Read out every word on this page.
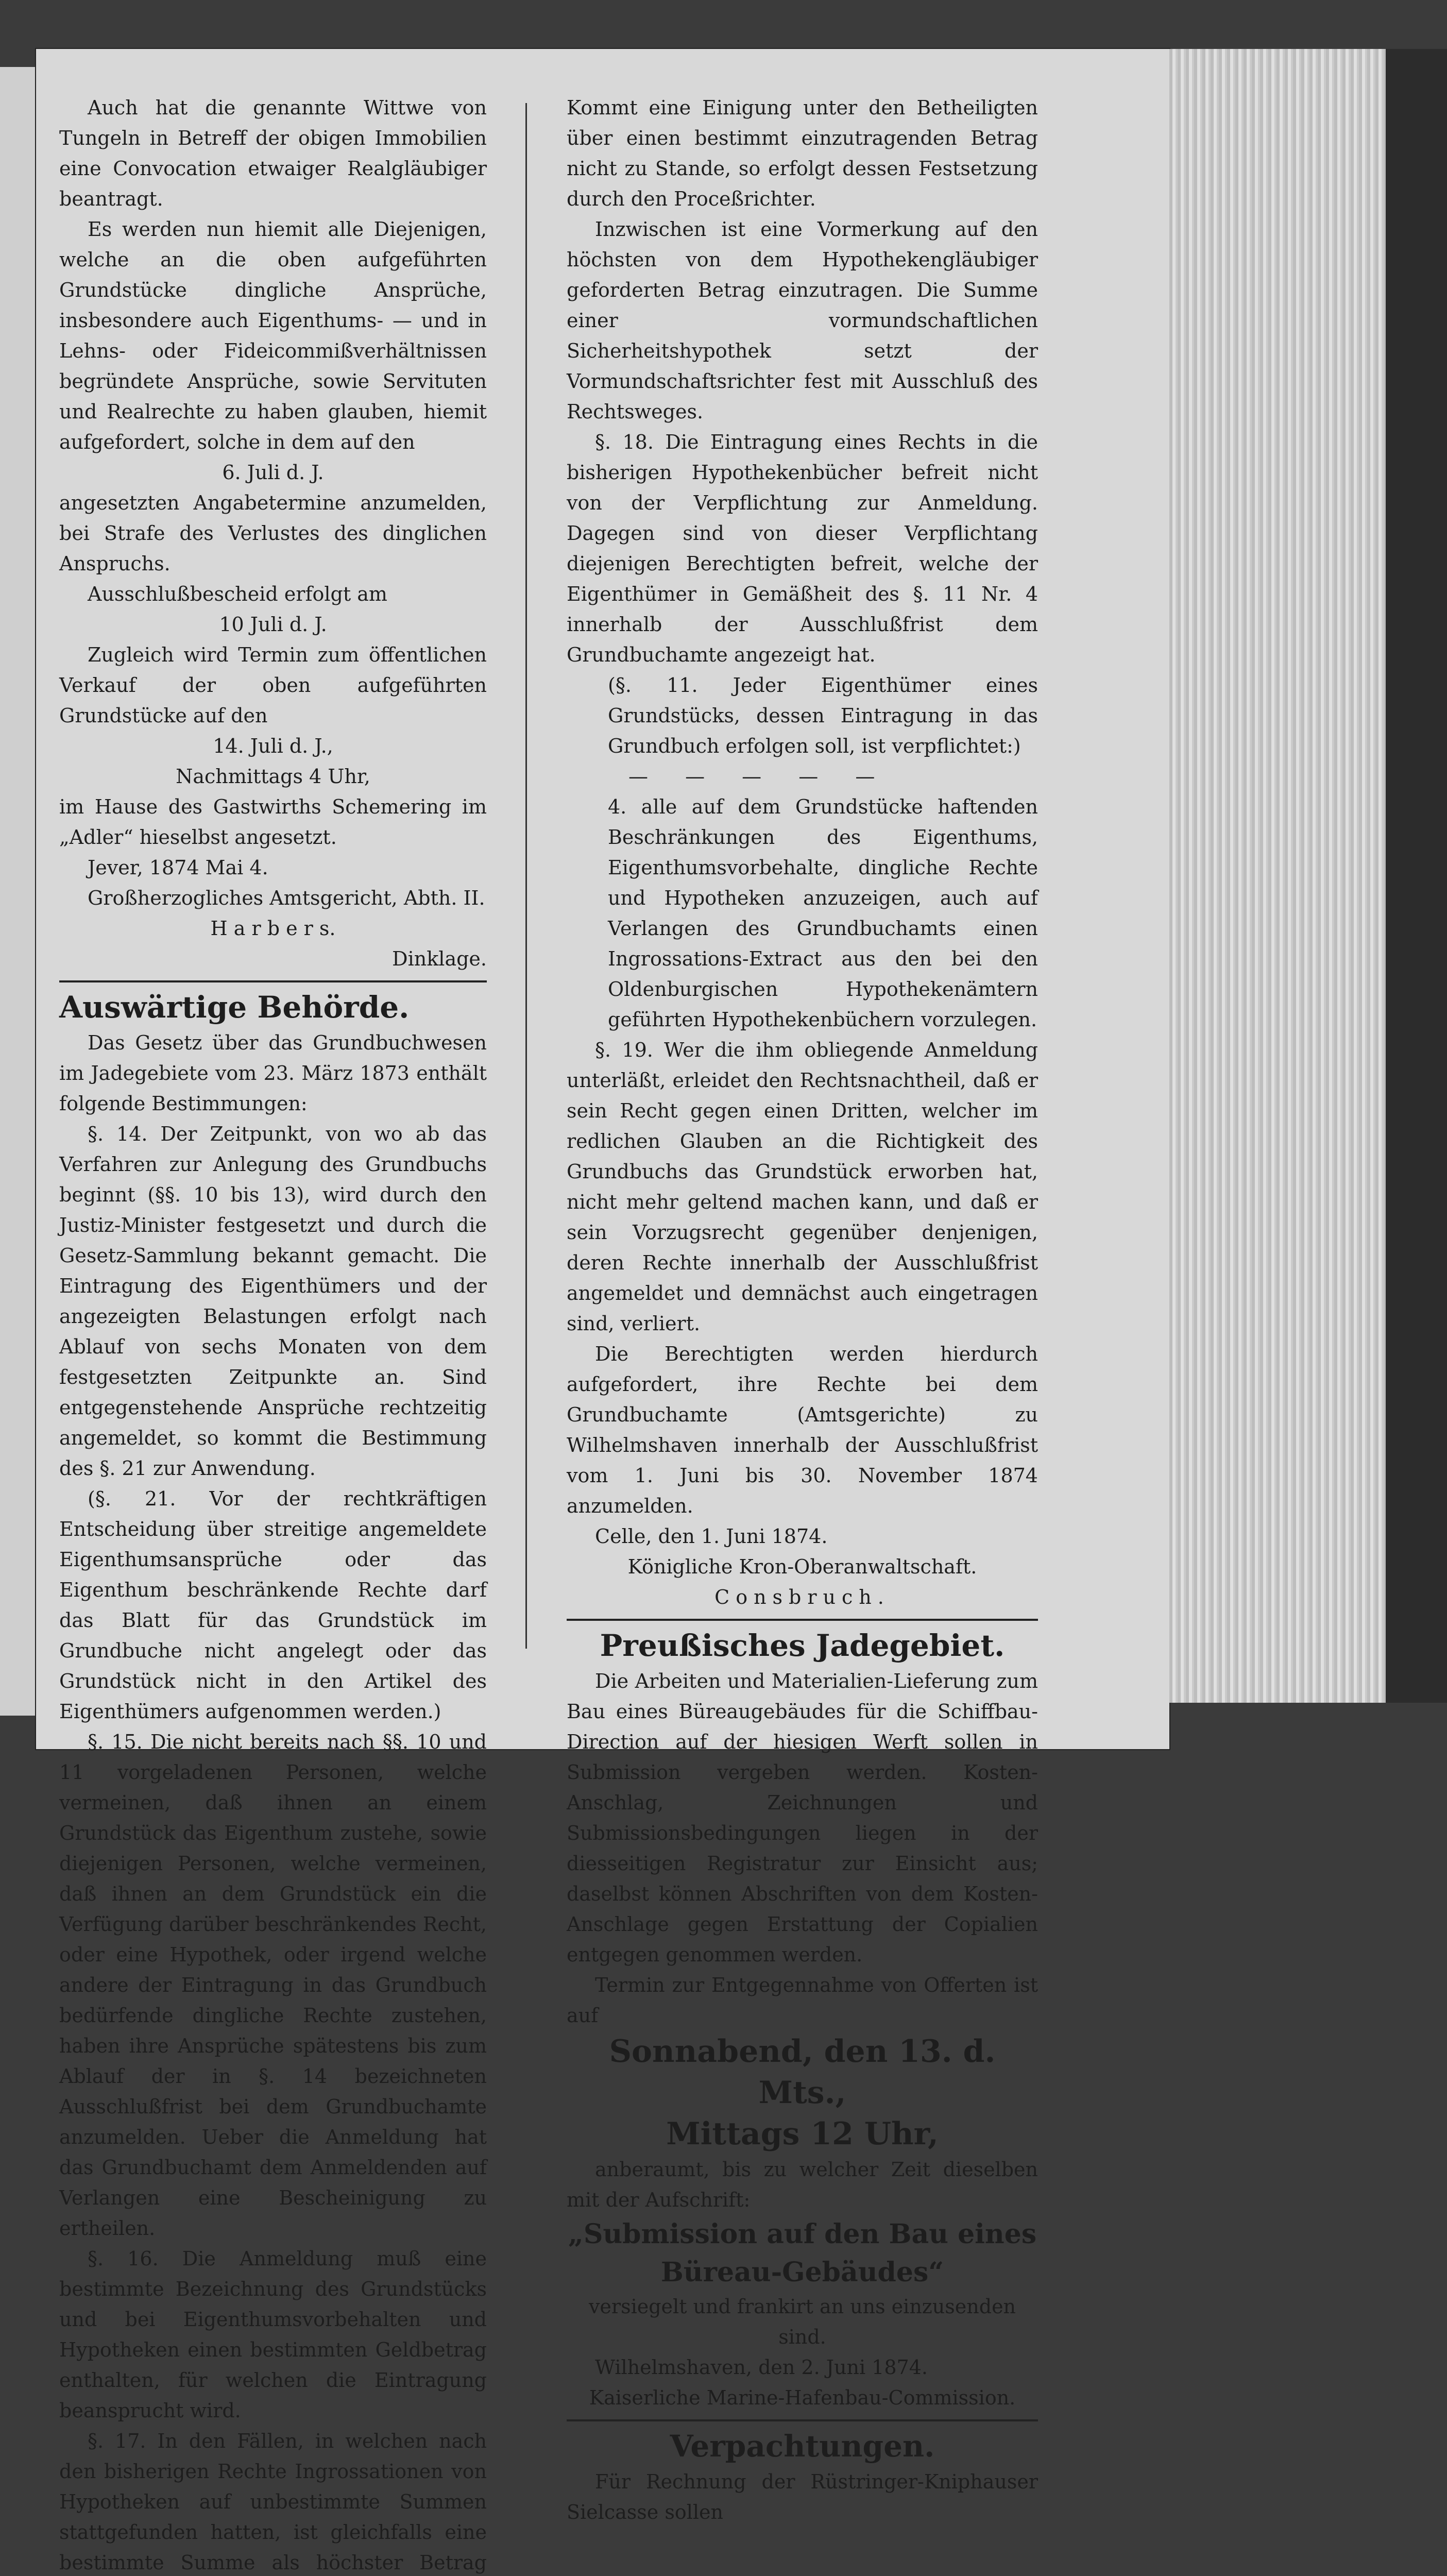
Auch hat die genannte Wittwe von Tungeln in Betreff der obigen Immobilien eine Convocation etwaiger Realgläubiger beantragt.

Es werden nun hiemit alle Diejenigen, welche an die oben aufgeführten Grundstücke dingliche Ansprüche, insbesondere auch Eigenthums- — und in Lehns- oder Fideicommißverhältnissen begründete Ansprüche, sowie Servituten und Realrechte zu haben glauben, hiemit aufgefordert, solche in dem auf den

6. Juli d. J.

angesetzten Angabetermine anzumelden, bei Strafe des Verlustes des dinglichen Anspruchs.

Ausschlußbescheid erfolgt am

10 Juli d. J.

Zugleich wird Termin zum öffentlichen Verkauf der oben aufgeführten Grundstücke auf den

14. Juli d. J.,

Nachmittags 4 Uhr,

im Hause des Gastwirths Schemering im „Adler“ hieselbst angesetzt.

Jever, 1874 Mai 4.

Großherzogliches Amtsgericht, Abth. II.

H a r b e r s.

Dinklage.

Auswärtige Behörde.

Das Gesetz über das Grundbuchwesen im Jadegebiete vom 23. März 1873 enthält folgende Bestimmungen:

§. 14. Der Zeitpunkt, von wo ab das Verfahren zur Anlegung des Grundbuchs beginnt (§§. 10 bis 13), wird durch den Justiz-Minister festgesetzt und durch die Gesetz-Sammlung bekannt gemacht. Die Eintragung des Eigenthümers und der angezeigten Belastungen erfolgt nach Ablauf von sechs Monaten von dem festgesetzten Zeitpunkte an. Sind entgegenstehende Ansprüche rechtzeitig angemeldet, so kommt die Bestimmung des §. 21 zur Anwendung.

(§. 21. Vor der rechtkräftigen Entscheidung über streitige angemeldete Eigenthumsansprüche oder das Eigenthum beschränkende Rechte darf das Blatt für das Grundstück im Grundbuche nicht angelegt oder das Grundstück nicht in den Artikel des Eigenthümers aufgenommen werden.)

§. 15. Die nicht bereits nach §§. 10 und 11 vorgeladenen Personen, welche vermeinen, daß ihnen an einem Grundstück das Eigenthum zustehe, sowie diejenigen Personen, welche vermeinen, daß ihnen an dem Grundstück ein die Verfügung darüber beschränkendes Recht, oder eine Hypothek, oder irgend welche andere der Eintragung in das Grundbuch bedürfende dingliche Rechte zustehen, haben ihre Ansprüche spätestens bis zum Ablauf der in §. 14 bezeichneten Ausschlußfrist bei dem Grundbuchamte anzumelden. Ueber die Anmeldung hat das Grundbuchamt dem Anmeldenden auf Verlangen eine Bescheinigung zu ertheilen.

§. 16. Die Anmeldung muß eine bestimmte Bezeichnung des Grundstücks und bei Eigenthumsvorbehalten und Hypotheken einen bestimmten Geldbetrag enthalten, für welchen die Eintragung beansprucht wird.

§. 17. In den Fällen, in welchen nach den bisherigen Rechte Ingrossationen von Hypotheken auf unbestimmte Summen stattgefunden hatten, ist gleichfalls eine bestimmte Summe als höchster Betrag

Kommt eine Einigung unter den Betheiligten über einen bestimmt einzutragenden Betrag nicht zu Stande, so erfolgt dessen Festsetzung durch den Proceßrichter.

Inzwischen ist eine Vormerkung auf den höchsten von dem Hypothekengläubiger geforderten Betrag einzutragen. Die Summe einer vormundschaftlichen Sicherheitshypothek setzt der Vormundschaftsrichter fest mit Ausschluß des Rechtsweges.

§. 18. Die Eintragung eines Rechts in die bisherigen Hypothekenbücher befreit nicht von der Verpflichtung zur Anmeldung. Dagegen sind von dieser Verpflichtang diejenigen Berechtigten befreit, welche der Eigenthümer in Gemäßheit des §. 11 Nr. 4 innerhalb der Ausschlußfrist dem Grundbuchamte angezeigt hat.

(§. 11. Jeder Eigenthümer eines Grundstücks, dessen Eintragung in das Grundbuch erfolgen soll, ist verpflichtet:)

— — — — —

4. alle auf dem Grundstücke haftenden Beschränkungen des Eigenthums, Eigenthumsvorbehalte, dingliche Rechte und Hypotheken anzuzeigen, auch auf Verlangen des Grundbuchamts einen Ingrossations-Extract aus den bei den Oldenburgischen Hypothekenämtern geführten Hypothekenbüchern vorzulegen.

§. 19. Wer die ihm obliegende Anmeldung unterläßt, erleidet den Rechtsnachtheil, daß er sein Recht gegen einen Dritten, welcher im redlichen Glauben an die Richtigkeit des Grundbuchs das Grundstück erworben hat, nicht mehr geltend machen kann, und daß er sein Vorzugsrecht gegenüber denjenigen, deren Rechte innerhalb der Ausschlußfrist angemeldet und demnächst auch eingetragen sind, verliert.

Die Berechtigten werden hierdurch aufgefordert, ihre Rechte bei dem Grundbuchamte (Amtsgerichte) zu Wilhelmshaven innerhalb der Ausschlußfrist vom 1. Juni bis 30. November 1874 anzumelden.

Celle, den 1. Juni 1874.

Königliche Kron-Oberanwaltschaft.

Consbruch.

Preußisches Jadegebiet.

Die Arbeiten und Materialien-Lieferung zum Bau eines Büreaugebäudes für die Schiffbau-Direction auf der hiesigen Werft sollen in Submission vergeben werden. Kosten-Anschlag, Zeichnungen und Submissionsbedingungen liegen in der diesseitigen Registratur zur Einsicht aus; daselbst können Abschriften von dem Kosten-Anschlage gegen Erstattung der Copialien entgegen genommen werden.

Termin zur Entgegennahme von Offerten ist auf

Sonnabend, den 13. d. Mts.,

Mittags 12 Uhr,

anberaumt, bis zu welcher Zeit dieselben mit der Aufschrift:

„Submission auf den Bau eines

Büreau-Gebäudes“

versiegelt und frankirt an uns einzusenden sind.

Wilhelmshaven, den 2. Juni 1874.

Kaiserliche Marine-Hafenbau-Commission.

Verpachtungen.

Für Rechnung der Rüstringer-Kniphauser Sielcasse sollen
